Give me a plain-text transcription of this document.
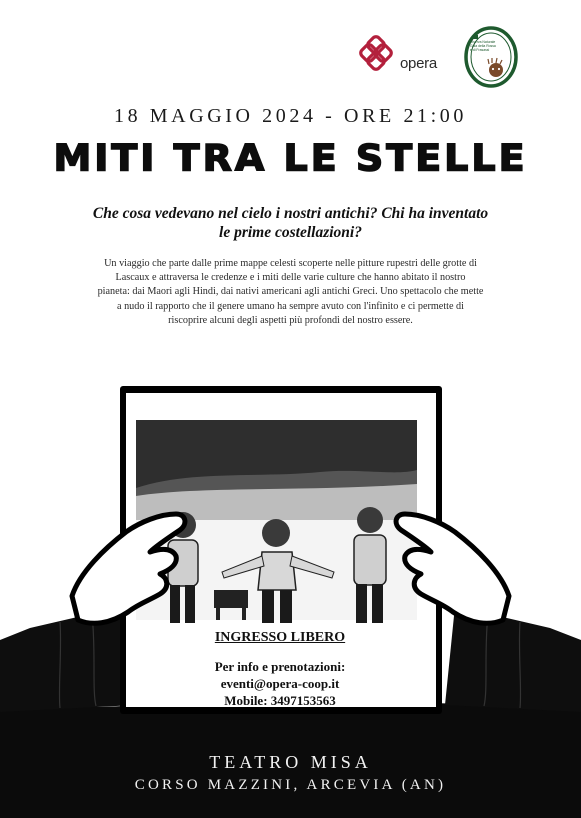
opera
Riserva Naturale
Gola della Rossa
e di Frasassi
18 MAGGIO 2024 - ORE 21:00
MITI TRA LE STELLE
Che cosa vedevano nel cielo i nostri antichi? Chi ha inventato
le prime costellazioni?
Un viaggio che parte dalle prime mappe celesti scoperte nelle pitture rupestri delle grotte di
Lascaux e attraversa le credenze e i miti delle varie culture che hanno abitato il nostro
pianeta: dai Maori agli Hindi, dai nativi americani agli antichi Greci. Uno spettacolo che mette
a nudo il rapporto che il genere umano ha sempre avuto con l'infinito e ci permette di
riscoprire alcuni degli aspetti più profondi del nostro essere.
INGRESSO LIBERO
Per info e prenotazioni:
eventi@opera-coop.it
Mobile: 3497153563
TEATRO MISA
CORSO MAZZINI, ARCEVIA (AN)
